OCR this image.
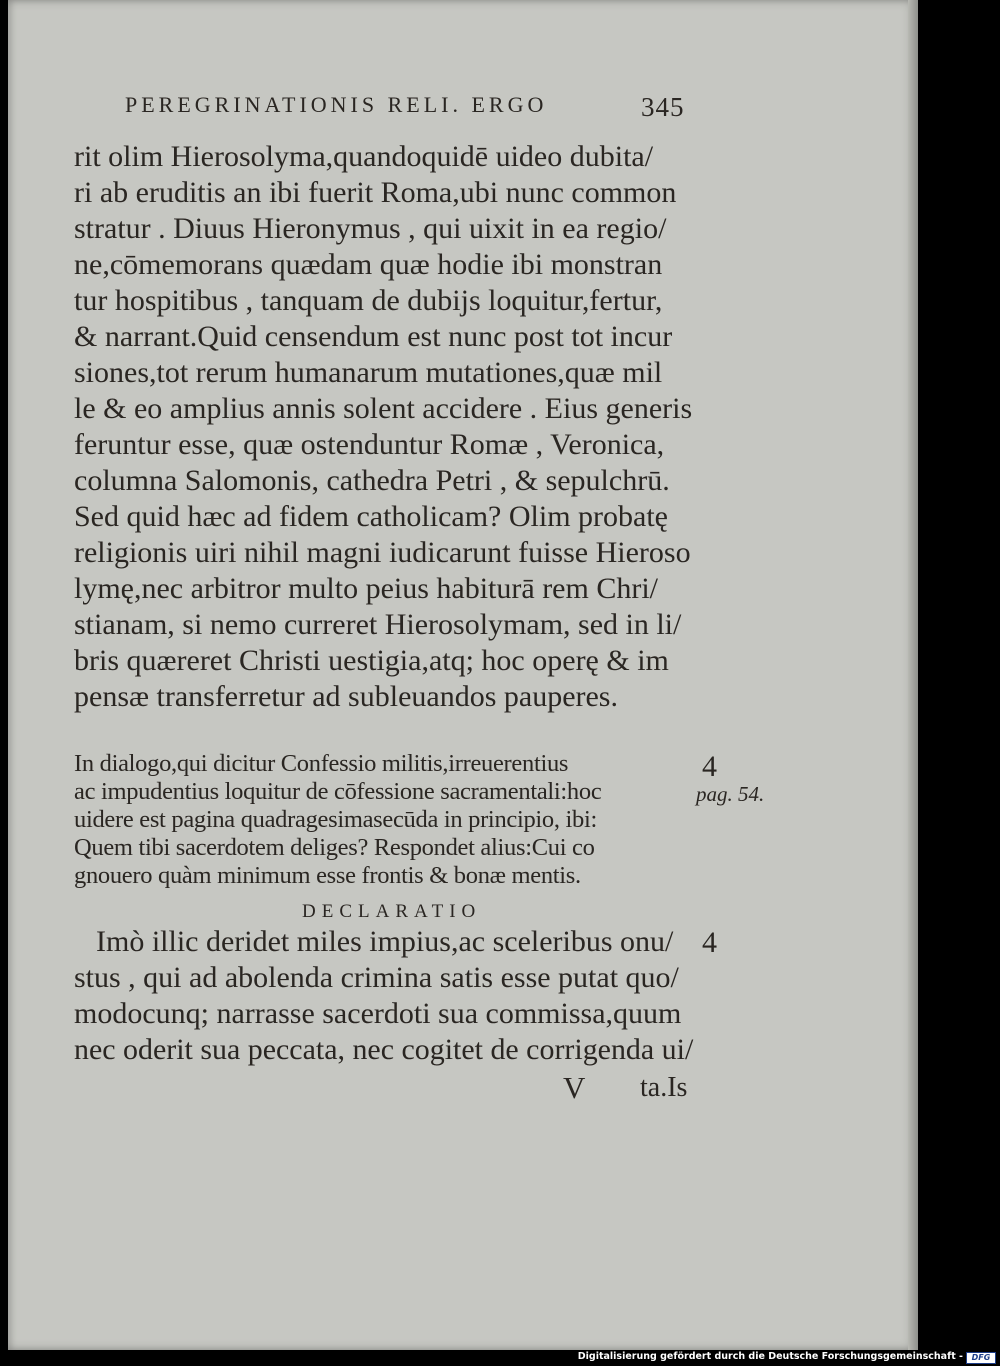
PEREGRINATIONIS RELI. ERGO	345
rit olim Hierosolyma,quandoquidē uideo dubita/
ri ab eruditis an ibi fuerit Roma,ubi nunc common
stratur . Diuus Hieronymus , qui uixit in ea regio/
ne,cōmemorans quædam quæ hodie ibi monstran
tur hospitibus , tanquam de dubijs loquitur,fertur,
& narrant.Quid censendum est nunc post tot incur
siones,tot rerum humanarum mutationes,quæ mil
le & eo amplius annis solent accidere . Eius generis
feruntur esse, quæ ostenduntur Romæ , Veronica,
columna Salomonis, cathedra Petri , & sepulchrū.
Sed quid hæc ad fidem catholicam? Olim probatę
religionis uiri nihil magni iudicarunt fuisse Hieroso
lymę,nec arbitror multo peius habiturā rem Chri/
stianam, si nemo curreret Hierosolymam, sed in li/
bris quæreret Christi uestigia,atq; hoc operę & im
pensæ transferretur ad subleuandos pauperes.
In dialogo,qui dicitur Confessio militis,irreuerentius
ac impudentius loquitur de cōfessione sacramentali:hoc
uidere est pagina quadragesimasecūda in principio, ibi:
Quem tibi sacerdotem deliges? Respondet alius:Cui co
gnouero quàm minimum esse frontis & bonæ mentis.
DECLARATIO
Imò illic deridet miles impius,ac sceleribus onu/
stus , qui ad abolenda crimina satis esse putat quo/
modocunq; narrasse sacerdoti sua commissa,quum
nec oderit sua peccata, nec cogitet de corrigenda ui/
4
pag. 54.
4
V ta.Is
Digitalisierung gefördert durch die Deutsche Forschungsgemeinschaft -	DFG
